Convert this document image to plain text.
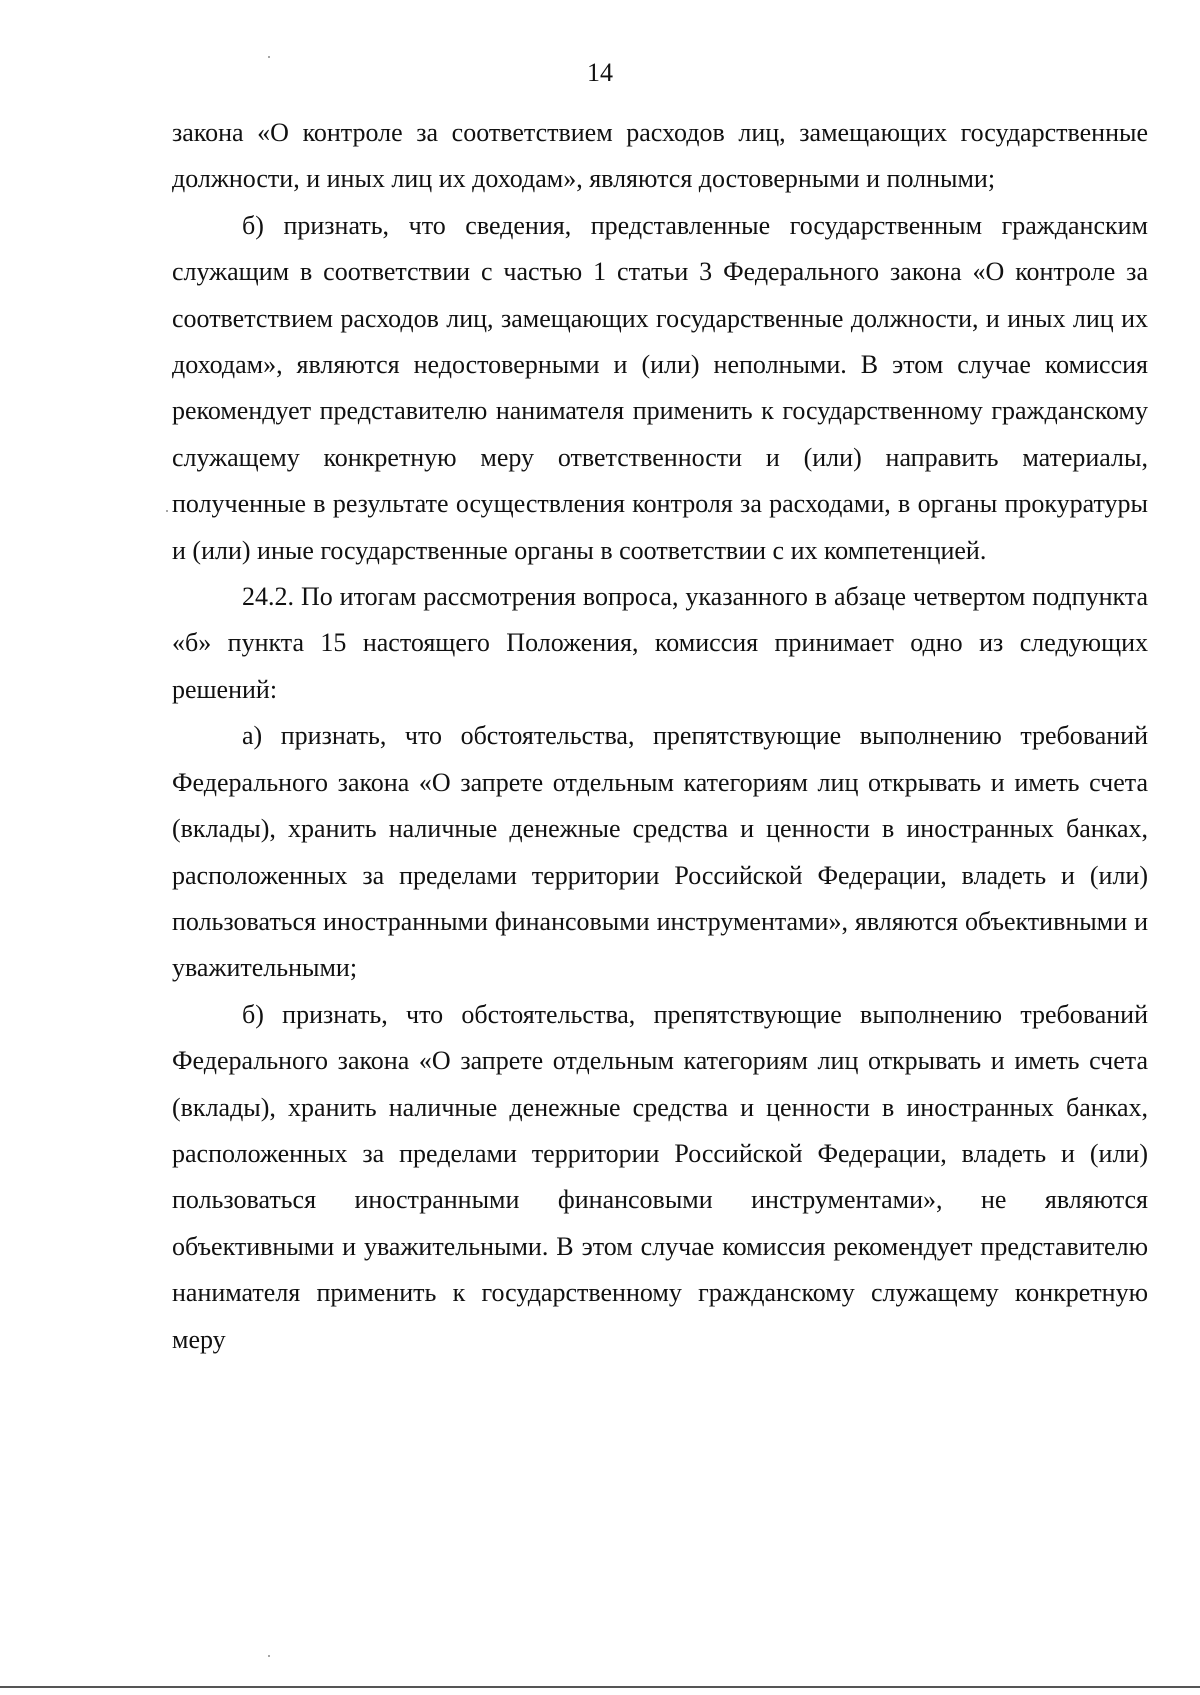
14

закона «О контроле за соответствием расходов лиц, замещающих государственные должности, и иных лиц их доходам», являются достоверными и полными;

б) признать, что сведения, представленные государственным гражданским служащим в соответствии с частью 1 статьи 3 Федерального закона «О контроле за соответствием расходов лиц, замещающих государственные должности, и иных лиц их доходам», являются недостоверными и (или) неполными. В этом случае комиссия рекомендует представителю нанимателя применить к государственному гражданскому служащему конкретную меру ответственности и (или) направить материалы, полученные в результате осуществления контроля за расходами, в органы прокуратуры и (или) иные государственные органы в соответствии с их компетенцией.

24.2. По итогам рассмотрения вопроса, указанного в абзаце четвертом подпункта «б» пункта 15 настоящего Положения, комиссия принимает одно из следующих решений:

а) признать, что обстоятельства, препятствующие выполнению требований Федерального закона «О запрете отдельным категориям лиц открывать и иметь счета (вклады), хранить наличные денежные средства и ценности в иностранных банках, расположенных за пределами территории Российской Федерации, владеть и (или) пользоваться иностранными финансовыми инструментами», являются объективными и уважительными;

б) признать, что обстоятельства, препятствующие выполнению требований Федерального закона «О запрете отдельным категориям лиц открывать и иметь счета (вклады), хранить наличные денежные средства и ценности в иностранных банках, расположенных за пределами территории Российской Федерации, владеть и (или) пользоваться иностранными финансовыми инструментами», не являются объективными и уважительными. В этом случае комиссия рекомендует представителю нанимателя применить к государственному гражданскому служащему конкретную меру
